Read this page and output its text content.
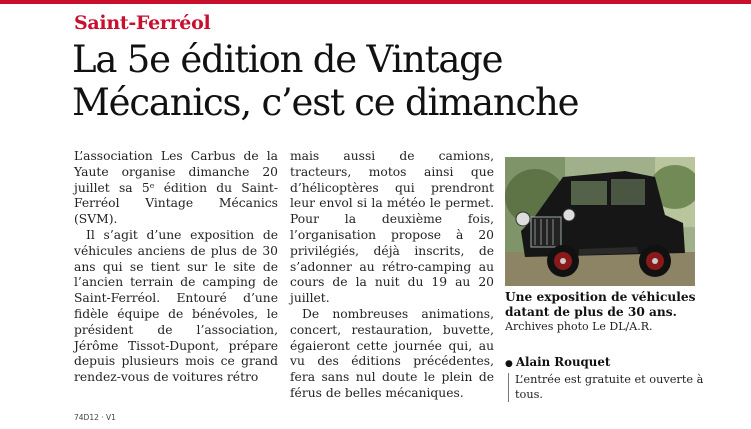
Saint-Ferréol
La 5e édition de Vintage
Mécanics, c’est ce dimanche

L’association Les Carbus de la Yaute organise dimanche 20 juillet sa 5ᵉ édition du Saint-Ferréol Vintage Mécanics (SVM).

Il s’agit d’une exposition de véhicules anciens de plus de 30 ans qui se tient sur le site de l’ancien terrain de camping de Saint-Ferréol. Entouré d’une fidèle équipe de bénévoles, le président de l’association, Jérôme Tissot-Dupont, prépare depuis plusieurs mois ce grand rendez-vous de voitures rétro

mais aussi de camions, tracteurs, motos ainsi que d’hélicoptères qui prendront leur envol si la météo le permet. Pour la deuxième fois, l’organisation propose à 20 privilégiés, déjà inscrits, de s’adonner au rétro-camping au cours de la nuit du 19 au 20 juillet.

De nombreuses animations, concert, restauration, buvette, égaieront cette journée qui, au vu des éditions précédentes, fera sans nul doute le plein de férus de belles mécaniques.

Une exposition de véhicules datant de plus de 30 ans.
Archives photo Le DL/A.R.
● Alain Rouquet
L’entrée est gratuite et ouverte à tous.
74D12 · V1
